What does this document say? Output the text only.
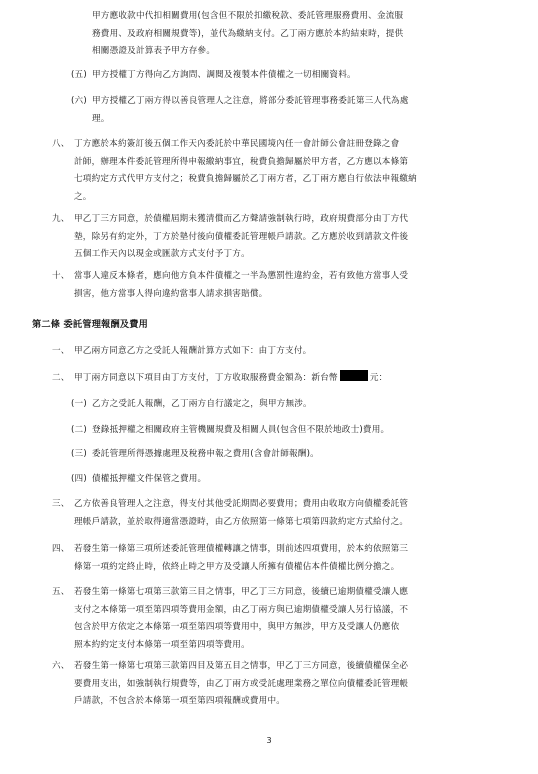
甲方應收款中代扣相關費用(包含但不限於扣繳稅款、委託管理服務費用、金流服
務費用、及政府相關規費等)，並代為繳納支付。乙丁兩方應於本約結束時，提供
相關憑證及計算表予甲方存參。
(五) 甲方授權丁方得向乙方詢問、調閱及複製本件債權之一切相關資料。
(六) 甲方授權乙丁兩方得以善良管理人之注意，將部分委託管理事務委託第三人代為處
理。
八、 丁方應於本約簽訂後五個工作天內委託於中華民國境內任一會計師公會註冊登錄之會
計師，辦理本件委託管理所得申報繳納事宜，稅費負擔歸屬於甲方者，乙方應以本條第
七項約定方式代甲方支付之；稅費負擔歸屬於乙丁兩方者，乙丁兩方應自行依法申報繳納
之。
九、 甲乙丁三方同意，於債權屆期未獲清償而乙方聲請強制執行時，政府規費部分由丁方代
墊，除另有約定外，丁方於墊付後向債權委託管理帳戶請款。乙方應於收到請款文件後
五個工作天內以現金或匯款方式支付予丁方。
十、 當事人違反本條者，應向他方負本件債權之一半為懲罰性違約金，若有致他方當事人受
損害，他方當事人得向違約當事人請求損害賠償。
第二條 委託管理報酬及費用
一、 甲乙兩方同意乙方之受託人報酬計算方式如下：由丁方支付。
二、 甲丁兩方同意以下項目由丁方支付，丁方收取服務費金額為：新台幣	元：
(一) 乙方之受託人報酬，乙丁兩方自行議定之，與甲方無涉。
(二) 登錄抵押權之相關政府主管機關規費及相關人員(包含但不限於地政士)費用。
(三) 委託管理所得憑據處理及稅務申報之費用(含會計師報酬)。
(四) 債權抵押權文件保管之費用。
三、 乙方依善良管理人之注意，得支付其他受託期間必要費用；費用由收取方向債權委託管
理帳戶請款，並於取得適當憑證時，由乙方依照第一條第七項第四款約定方式給付之。
四、 若發生第一條第三項所述委託管理債權轉讓之情事，則前述四項費用，於本約依照第三
條第一項約定終止時，依終止時之甲方及受讓人所擁有債權佔本件債權比例分擔之。
五、 若發生第一條第七項第三款第三目之情事，甲乙丁三方同意，後續已逾期債權受讓人應
支付之本條第一項至第四項等費用金額，由乙丁兩方與已逾期債權受讓人另行協議，不
包含於甲方依定之本條第一項至第四項等費用中，與甲方無涉，甲方及受讓人仍應依
照本約約定支付本條第一項至第四項等費用。
六、 若發生第一條第七項第三款第四目及第五目之情事，甲乙丁三方同意，後續債權保全必
要費用支出，如強制執行規費等，由乙丁兩方或受託處理業務之單位向債權委託管理帳
戶請款，不包含於本條第一項至第四項報酬或費用中。
3
